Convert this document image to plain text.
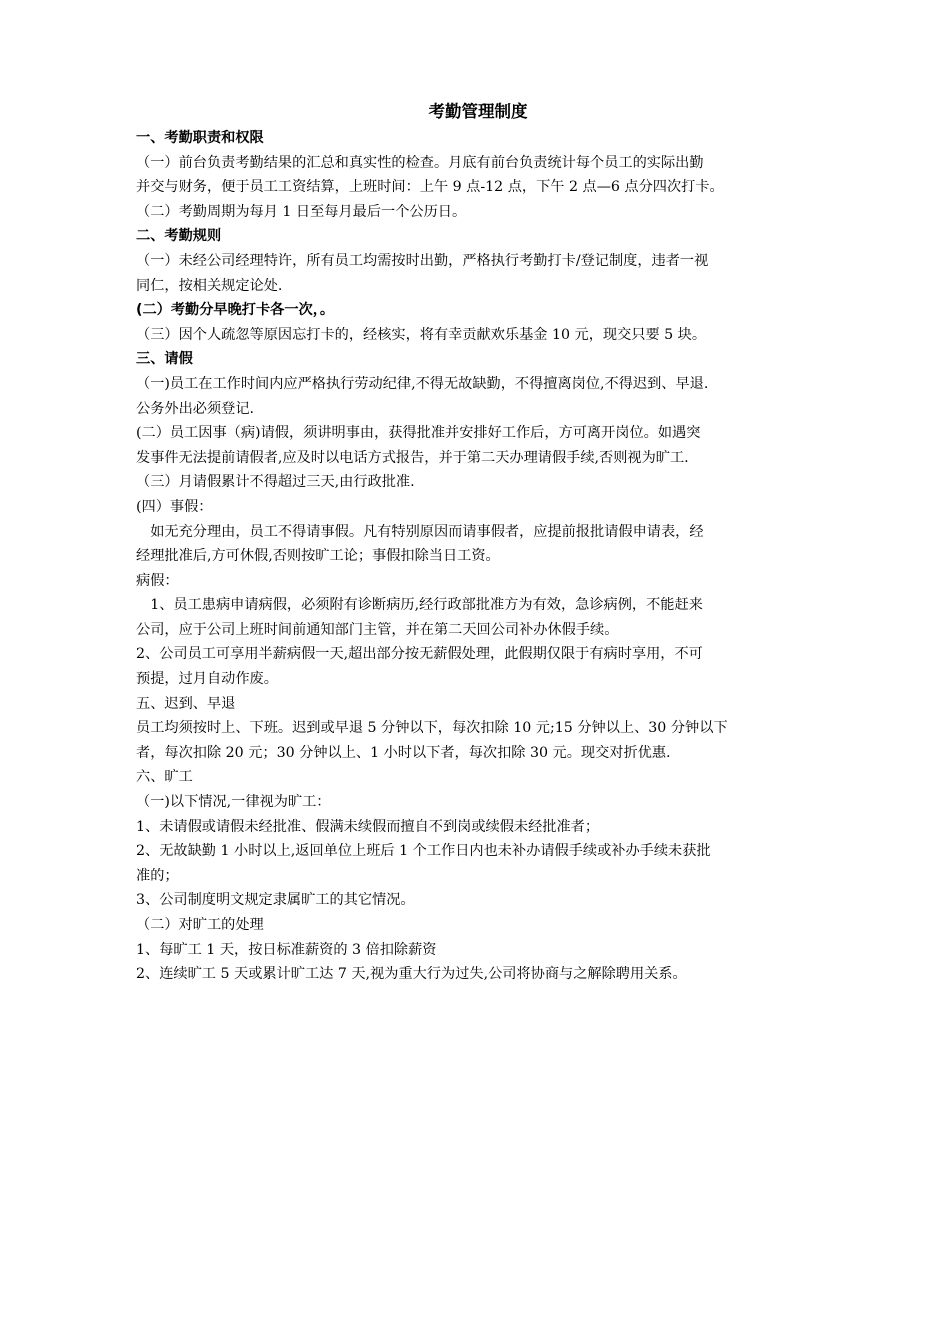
考勤管理制度
一、考勤职责和权限
（一）前台负责考勤结果的汇总和真实性的检查。月底有前台负责统计每个员工的实际出勤
并交与财务，便于员工工资结算，上班时间：上午 9 点-12 点，下午 2 点—6 点分四次打卡。
（二）考勤周期为每月 1 日至每月最后一个公历日。
二、考勤规则
（一）未经公司经理特许，所有员工均需按时出勤，严格执行考勤打卡/登记制度，违者一视
同仁，按相关规定论处.
(二）考勤分早晚打卡各一次，。
（三）因个人疏忽等原因忘打卡的，经核实，将有幸贡献欢乐基金 10 元，现交只要 5 块。
三、请假
（一)员工在工作时间内应严格执行劳动纪律,不得无故缺勤，不得擅离岗位,不得迟到、早退.
公务外出必须登记.
(二）员工因事（病)请假，须讲明事由，获得批准并安排好工作后，方可离开岗位。如遇突
发事件无法提前请假者,应及时以电话方式报告，并于第二天办理请假手续,否则视为旷工.
（三）月请假累计不得超过三天,由行政批准.
(四）事假：
　如无充分理由，员工不得请事假。凡有特别原因而请事假者，应提前报批请假申请表，经
经理批准后,方可休假,否则按旷工论；事假扣除当日工资。
病假：
　1、员工患病申请病假，必须附有诊断病历,经行政部批准方为有效，急诊病例，不能赶来
公司，应于公司上班时间前通知部门主管，并在第二天回公司补办休假手续。
2、公司员工可享用半薪病假一天,超出部分按无薪假处理，此假期仅限于有病时享用，不可
预提，过月自动作废。
五、迟到、早退
员工均须按时上、下班。迟到或早退 5 分钟以下，每次扣除 10 元;15 分钟以上、30 分钟以下
者，每次扣除 20 元；30 分钟以上、1 小时以下者，每次扣除 30 元。现交对折优惠.
六、旷工
（一)以下情况,一律视为旷工：
1、未请假或请假未经批准、假满未续假而擅自不到岗或续假未经批准者；
2、无故缺勤 1 小时以上,返回单位上班后 1 个工作日内也未补办请假手续或补办手续未获批
准的；
3、公司制度明文规定隶属旷工的其它情况。
（二）对旷工的处理
1、每旷工 1 天，按日标准薪资的 3 倍扣除薪资
2、连续旷工 5 天或累计旷工达 7 天,视为重大行为过失,公司将协商与之解除聘用关系。
